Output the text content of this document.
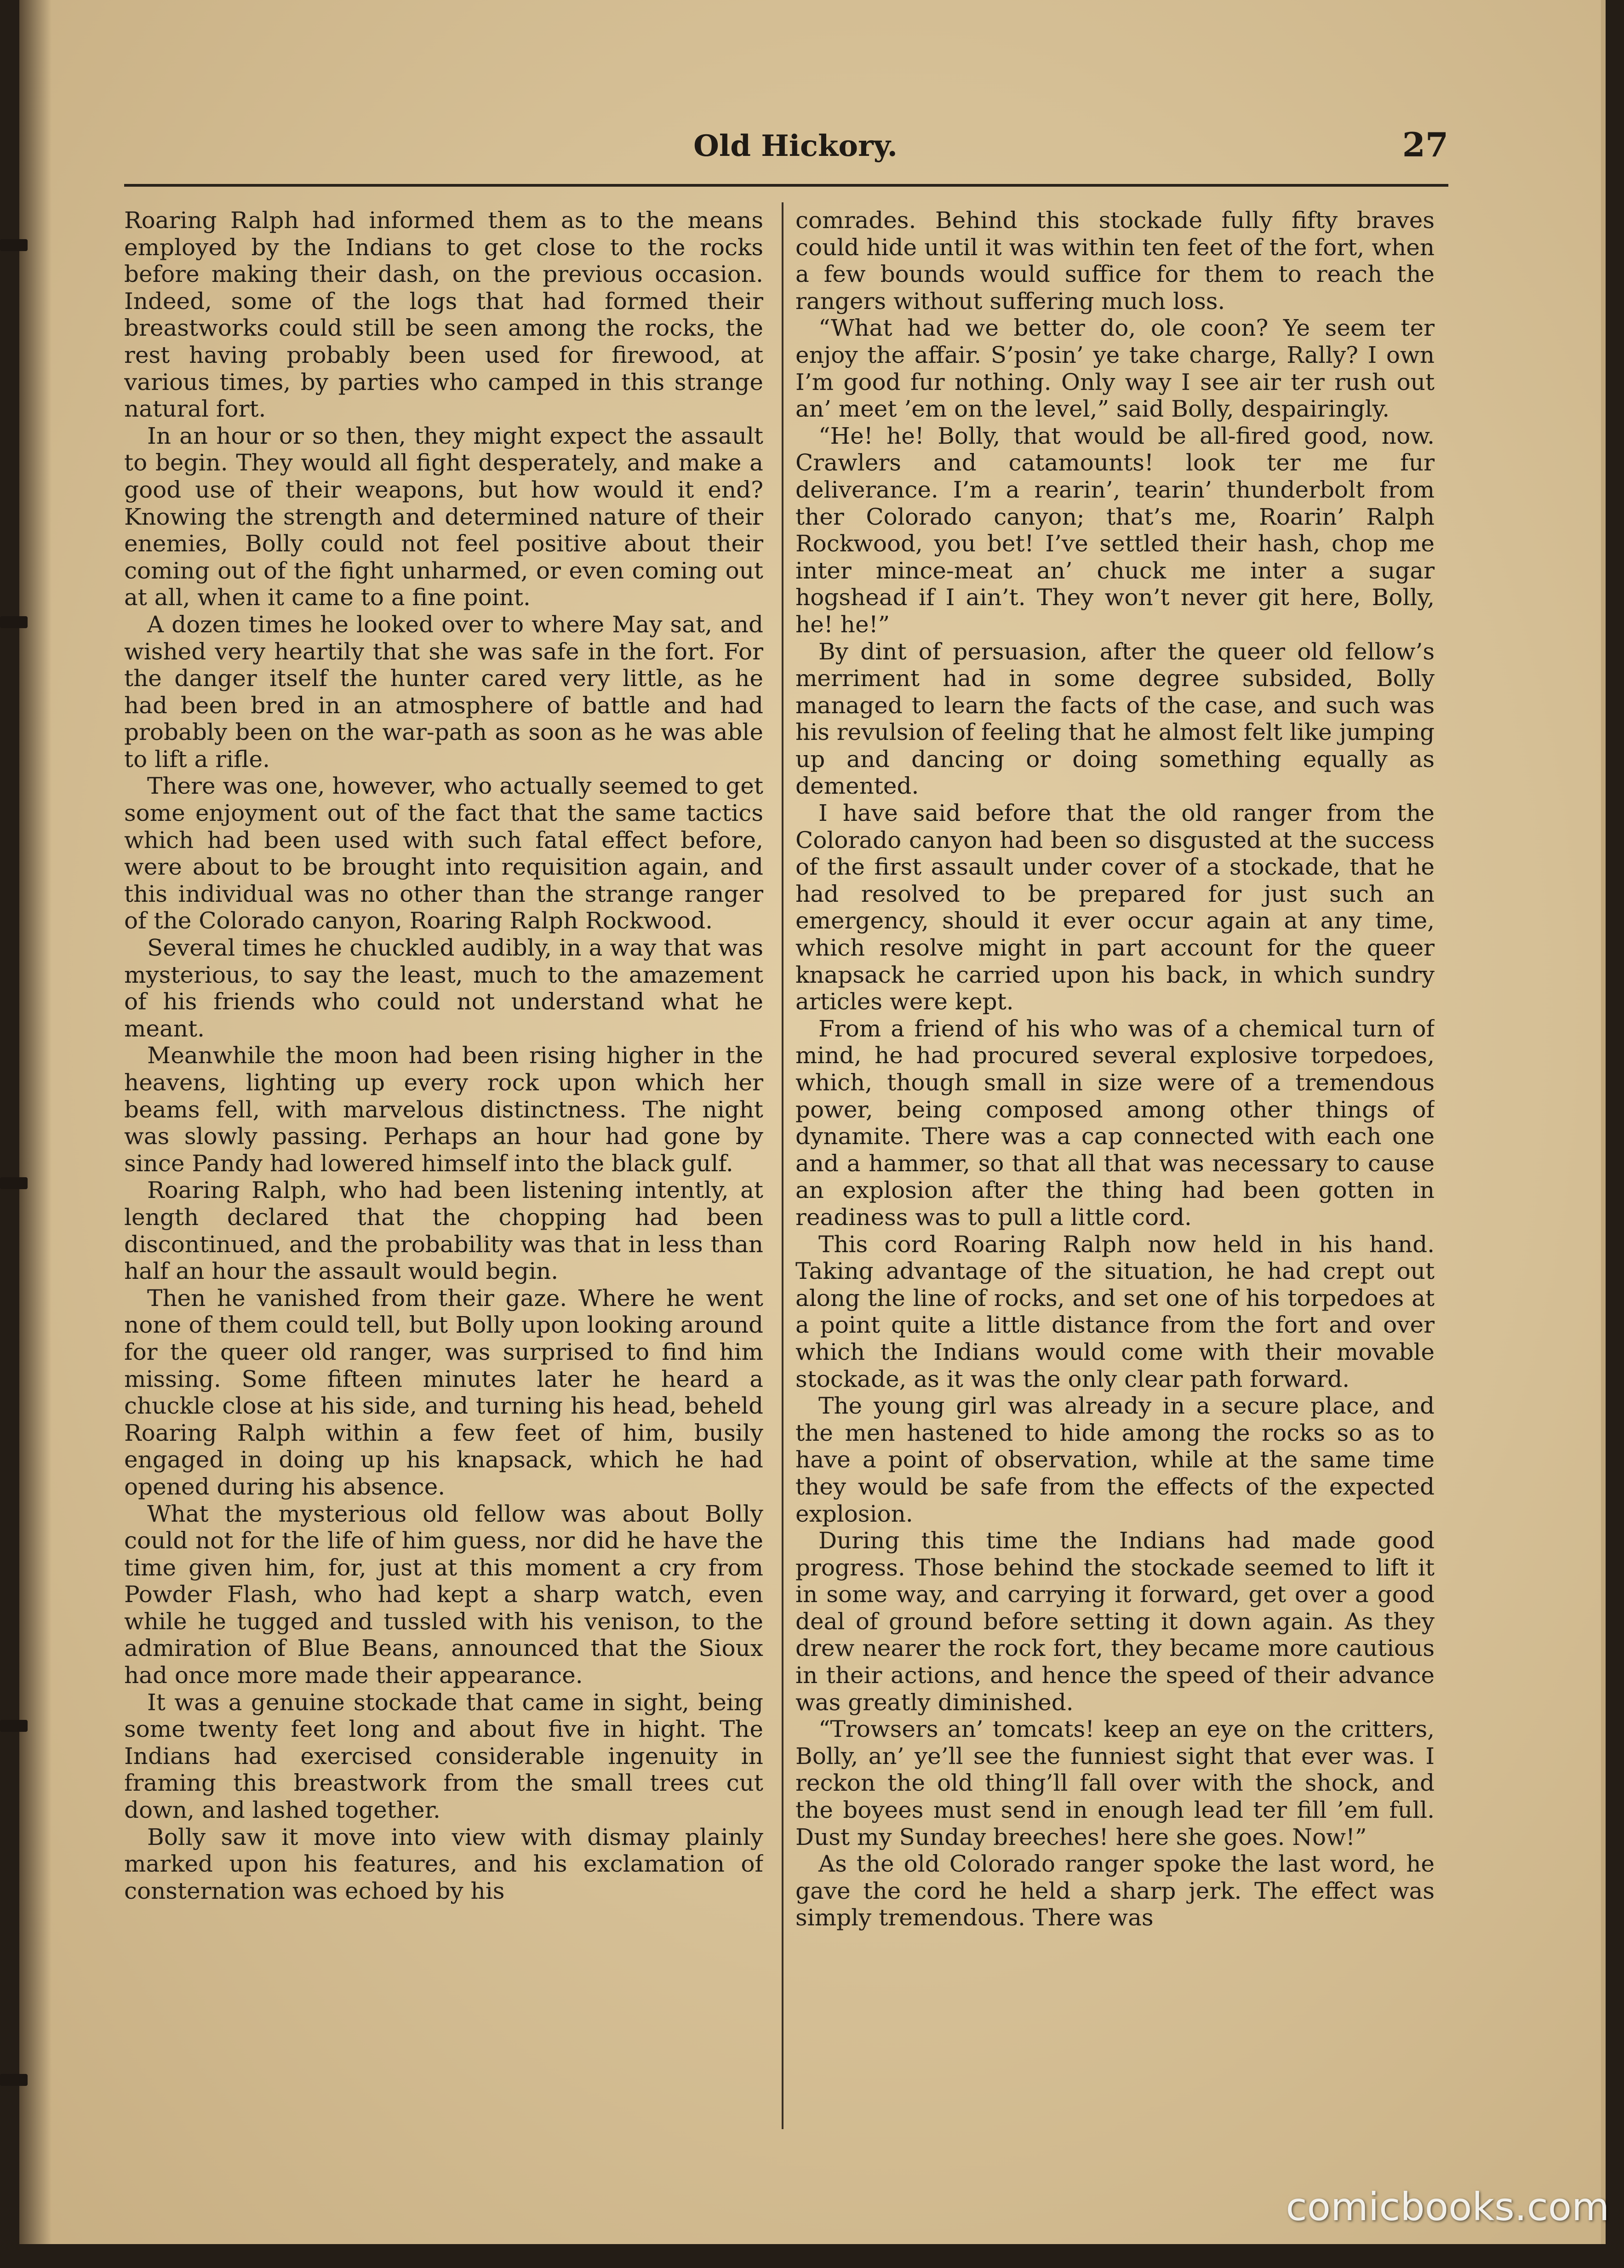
Old Hickory.	27

Roaring Ralph had informed them as to the means employed by the Indians to get close to the rocks before making their dash, on the previous occasion. Indeed, some of the logs that had formed their breastworks could still be seen among the rocks, the rest having probably been used for firewood, at various times, by parties who camped in this strange natural fort.

In an hour or so then, they might expect the assault to begin. They would all fight desperately, and make a good use of their weapons, but how would it end? Knowing the strength and determined nature of their enemies, Bolly could not feel positive about their coming out of the fight unharmed, or even coming out at all, when it came to a fine point.

A dozen times he looked over to where May sat, and wished very heartily that she was safe in the fort. For the danger itself the hunter cared very little, as he had been bred in an atmosphere of battle and had probably been on the war-path as soon as he was able to lift a rifle.

There was one, however, who actually seemed to get some enjoyment out of the fact that the same tactics which had been used with such fatal effect before, were about to be brought into requisition again, and this individual was no other than the strange ranger of the Colorado canyon, Roaring Ralph Rockwood.

Several times he chuckled audibly, in a way that was mysterious, to say the least, much to the amazement of his friends who could not understand what he meant.

Meanwhile the moon had been rising higher in the heavens, lighting up every rock upon which her beams fell, with marvelous distinctness. The night was slowly passing. Perhaps an hour had gone by since Pandy had lowered himself into the black gulf.

Roaring Ralph, who had been listening intently, at length declared that the chopping had been discontinued, and the probability was that in less than half an hour the assault would begin.

Then he vanished from their gaze. Where he went none of them could tell, but Bolly upon looking around for the queer old ranger, was surprised to find him missing. Some fifteen minutes later he heard a chuckle close at his side, and turning his head, beheld Roaring Ralph within a few feet of him, busily engaged in doing up his knapsack, which he had opened during his absence.

What the mysterious old fellow was about Bolly could not for the life of him guess, nor did he have the time given him, for, just at this moment a cry from Powder Flash, who had kept a sharp watch, even while he tugged and tussled with his venison, to the admiration of Blue Beans, announced that the Sioux had once more made their appearance.

It was a genuine stockade that came in sight, being some twenty feet long and about five in hight. The Indians had exercised considerable ingenuity in framing this breastwork from the small trees cut down, and lashed together.

Bolly saw it move into view with dismay plainly marked upon his features, and his exclamation of consternation was echoed by his

comrades. Behind this stockade fully fifty braves could hide until it was within ten feet of the fort, when a few bounds would suffice for them to reach the rangers without suffering much loss.

“What had we better do, ole coon? Ye seem ter enjoy the affair. S’posin’ ye take charge, Rally? I own I’m good fur nothing. Only way I see air ter rush out an’ meet ’em on the level,” said Bolly, despairingly.

“He! he! Bolly, that would be all-fired good, now. Crawlers and catamounts! look ter me fur deliverance. I’m a rearin’, tearin’ thunderbolt from ther Colorado canyon; that’s me, Roarin’ Ralph Rockwood, you bet! I’ve settled their hash, chop me inter mince-meat an’ chuck me inter a sugar hogshead if I ain’t. They won’t never git here, Bolly, he! he!”

By dint of persuasion, after the queer old fellow’s merriment had in some degree subsided, Bolly managed to learn the facts of the case, and such was his revulsion of feeling that he almost felt like jumping up and dancing or doing something equally as demented.

I have said before that the old ranger from the Colorado canyon had been so disgusted at the success of the first assault under cover of a stockade, that he had resolved to be prepared for just such an emergency, should it ever occur again at any time, which resolve might in part account for the queer knapsack he carried upon his back, in which sundry articles were kept.

From a friend of his who was of a chemical turn of mind, he had procured several explosive torpedoes, which, though small in size were of a tremendous power, being composed among other things of dynamite. There was a cap connected with each one and a hammer, so that all that was necessary to cause an explosion after the thing had been gotten in readiness was to pull a little cord.

This cord Roaring Ralph now held in his hand. Taking advantage of the situation, he had crept out along the line of rocks, and set one of his torpedoes at a point quite a little distance from the fort and over which the Indians would come with their movable stockade, as it was the only clear path forward.

The young girl was already in a secure place, and the men hastened to hide among the rocks so as to have a point of observation, while at the same time they would be safe from the effects of the expected explosion.

During this time the Indians had made good progress. Those behind the stockade seemed to lift it in some way, and carrying it forward, get over a good deal of ground before setting it down again. As they drew nearer the rock fort, they became more cautious in their actions, and hence the speed of their advance was greatly diminished.

“Trowsers an’ tomcats! keep an eye on the critters, Bolly, an’ ye’ll see the funniest sight that ever was. I reckon the old thing’ll fall over with the shock, and the boyees must send in enough lead ter fill ’em full. Dust my Sunday breeches! here she goes. Now!”

As the old Colorado ranger spoke the last word, he gave the cord he held a sharp jerk. The effect was simply tremendous. There was

comicbooks.com
